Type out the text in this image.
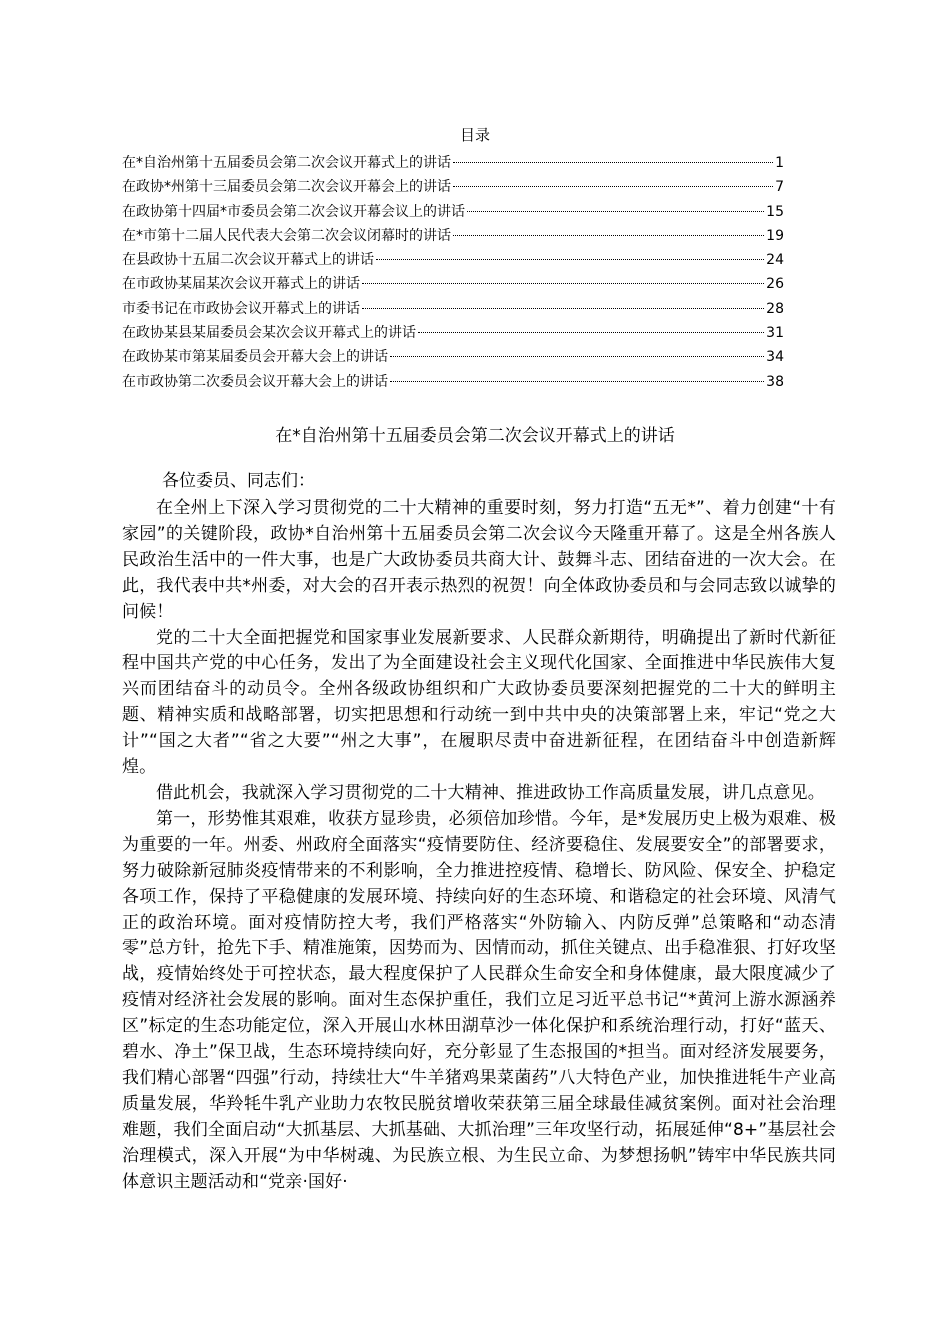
目录
在*自治州第十五届委员会第二次会议开幕式上的讲话	1
在政协*州第十三届委员会第二次会议开幕会上的讲话	7
在政协第十四届*市委员会第二次会议开幕会议上的讲话	15
在*市第十二届人民代表大会第二次会议闭幕时的讲话	19
在县政协十五届二次会议开幕式上的讲话	24
在市政协某届某次会议开幕式上的讲话	26
市委书记在市政协会议开幕式上的讲话	28
在政协某县某届委员会某次会议开幕式上的讲话	31
在政协某市第某届委员会开幕大会上的讲话	34
在市政协第二次委员会议开幕大会上的讲话	38
在*自治州第十五届委员会第二次会议开幕式上的讲话
各位委员、同志们：

在全州上下深入学习贯彻党的二十大精神的重要时刻，努力打造“五无*”、着力创建“十有家园”的关键阶段，政协*自治州第十五届委员会第二次会议今天隆重开幕了。这是全州各族人民政治生活中的一件大事，也是广大政协委员共商大计、鼓舞斗志、团结奋进的一次大会。在此，我代表中共*州委，对大会的召开表示热烈的祝贺！向全体政协委员和与会同志致以诚挚的问候！

党的二十大全面把握党和国家事业发展新要求、人民群众新期待，明确提出了新时代新征程中国共产党的中心任务，发出了为全面建设社会主义现代化国家、全面推进中华民族伟大复兴而团结奋斗的动员令。全州各级政协组织和广大政协委员要深刻把握党的二十大的鲜明主题、精神实质和战略部署，切实把思想和行动统一到中共中央的决策部署上来，牢记“党之大计”“国之大者”“省之大要”“州之大事”，在履职尽责中奋进新征程，在团结奋斗中创造新辉煌。

借此机会，我就深入学习贯彻党的二十大精神、推进政协工作高质量发展，讲几点意见。

第一，形势惟其艰难，收获方显珍贵，必须倍加珍惜。今年，是*发展历史上极为艰难、极为重要的一年。州委、州政府全面落实“疫情要防住、经济要稳住、发展要安全”的部署要求，努力破除新冠肺炎疫情带来的不利影响，全力推进控疫情、稳增长、防风险、保安全、护稳定各项工作，保持了平稳健康的发展环境、持续向好的生态环境、和谐稳定的社会环境、风清气正的政治环境。面对疫情防控大考，我们严格落实“外防输入、内防反弹”总策略和“动态清零”总方针，抢先下手、精准施策，因势而为、因情而动，抓住关键点、出手稳准狠、打好攻坚战，疫情始终处于可控状态，最大程度保护了人民群众生命安全和身体健康，最大限度减少了疫情对经济社会发展的影响。面对生态保护重任，我们立足习近平总书记“*黄河上游水源涵养区”标定的生态功能定位，深入开展山水林田湖草沙一体化保护和系统治理行动，打好“蓝天、碧水、净土”保卫战，生态环境持续向好，充分彰显了生态报国的*担当。面对经济发展要务，我们精心部署“四强”行动，持续壮大“牛羊猪鸡果菜菌药”八大特色产业，加快推进牦牛产业高质量发展，华羚牦牛乳产业助力农牧民脱贫增收荣获第三届全球最佳减贫案例。面对社会治理难题，我们全面启动“大抓基层、大抓基础、大抓治理”三年攻坚行动，拓展延伸“8+”基层社会治理模式，深入开展“为中华树魂、为民族立根、为生民立命、为梦想扬帆”铸牢中华民族共同体意识主题活动和“党亲·国好·
